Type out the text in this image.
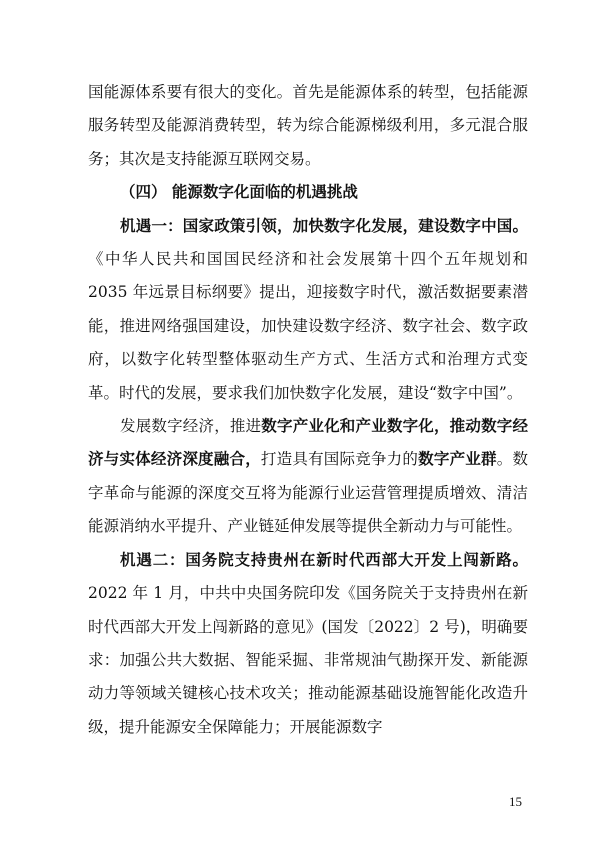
国能源体系要有很大的变化。首先是能源体系的转型，包括能源服务转型及能源消费转型，转为综合能源梯级利用，多元混合服务；其次是支持能源互联网交易。

（四） 能源数字化面临的机遇挑战

机遇一：国家政策引领，加快数字化发展，建设数字中国。《中华人民共和国国民经济和社会发展第十四个五年规划和 2035 年远景目标纲要》提出，迎接数字时代，激活数据要素潜能，推进网络强国建设，加快建设数字经济、数字社会、数字政府，以数字化转型整体驱动生产方式、生活方式和治理方式变革。时代的发展，要求我们加快数字化发展，建设“数字中国”。

发展数字经济，推进数字产业化和产业数字化，推动数字经济与实体经济深度融合，打造具有国际竞争力的数字产业群。数字革命与能源的深度交互将为能源行业运营管理提质增效、清洁能源消纳水平提升、产业链延伸发展等提供全新动力与可能性。

机遇二：国务院支持贵州在新时代西部大开发上闯新路。2022 年 1 月，中共中央国务院印发《国务院关于支持贵州在新时代西部大开发上闯新路的意见》(国发〔2022〕2 号)，明确要求：加强公共大数据、智能采掘、非常规油气勘探开发、新能源动力等领域关键核心技术攻关；推动能源基础设施智能化改造升级，提升能源安全保障能力；开展能源数字

15
